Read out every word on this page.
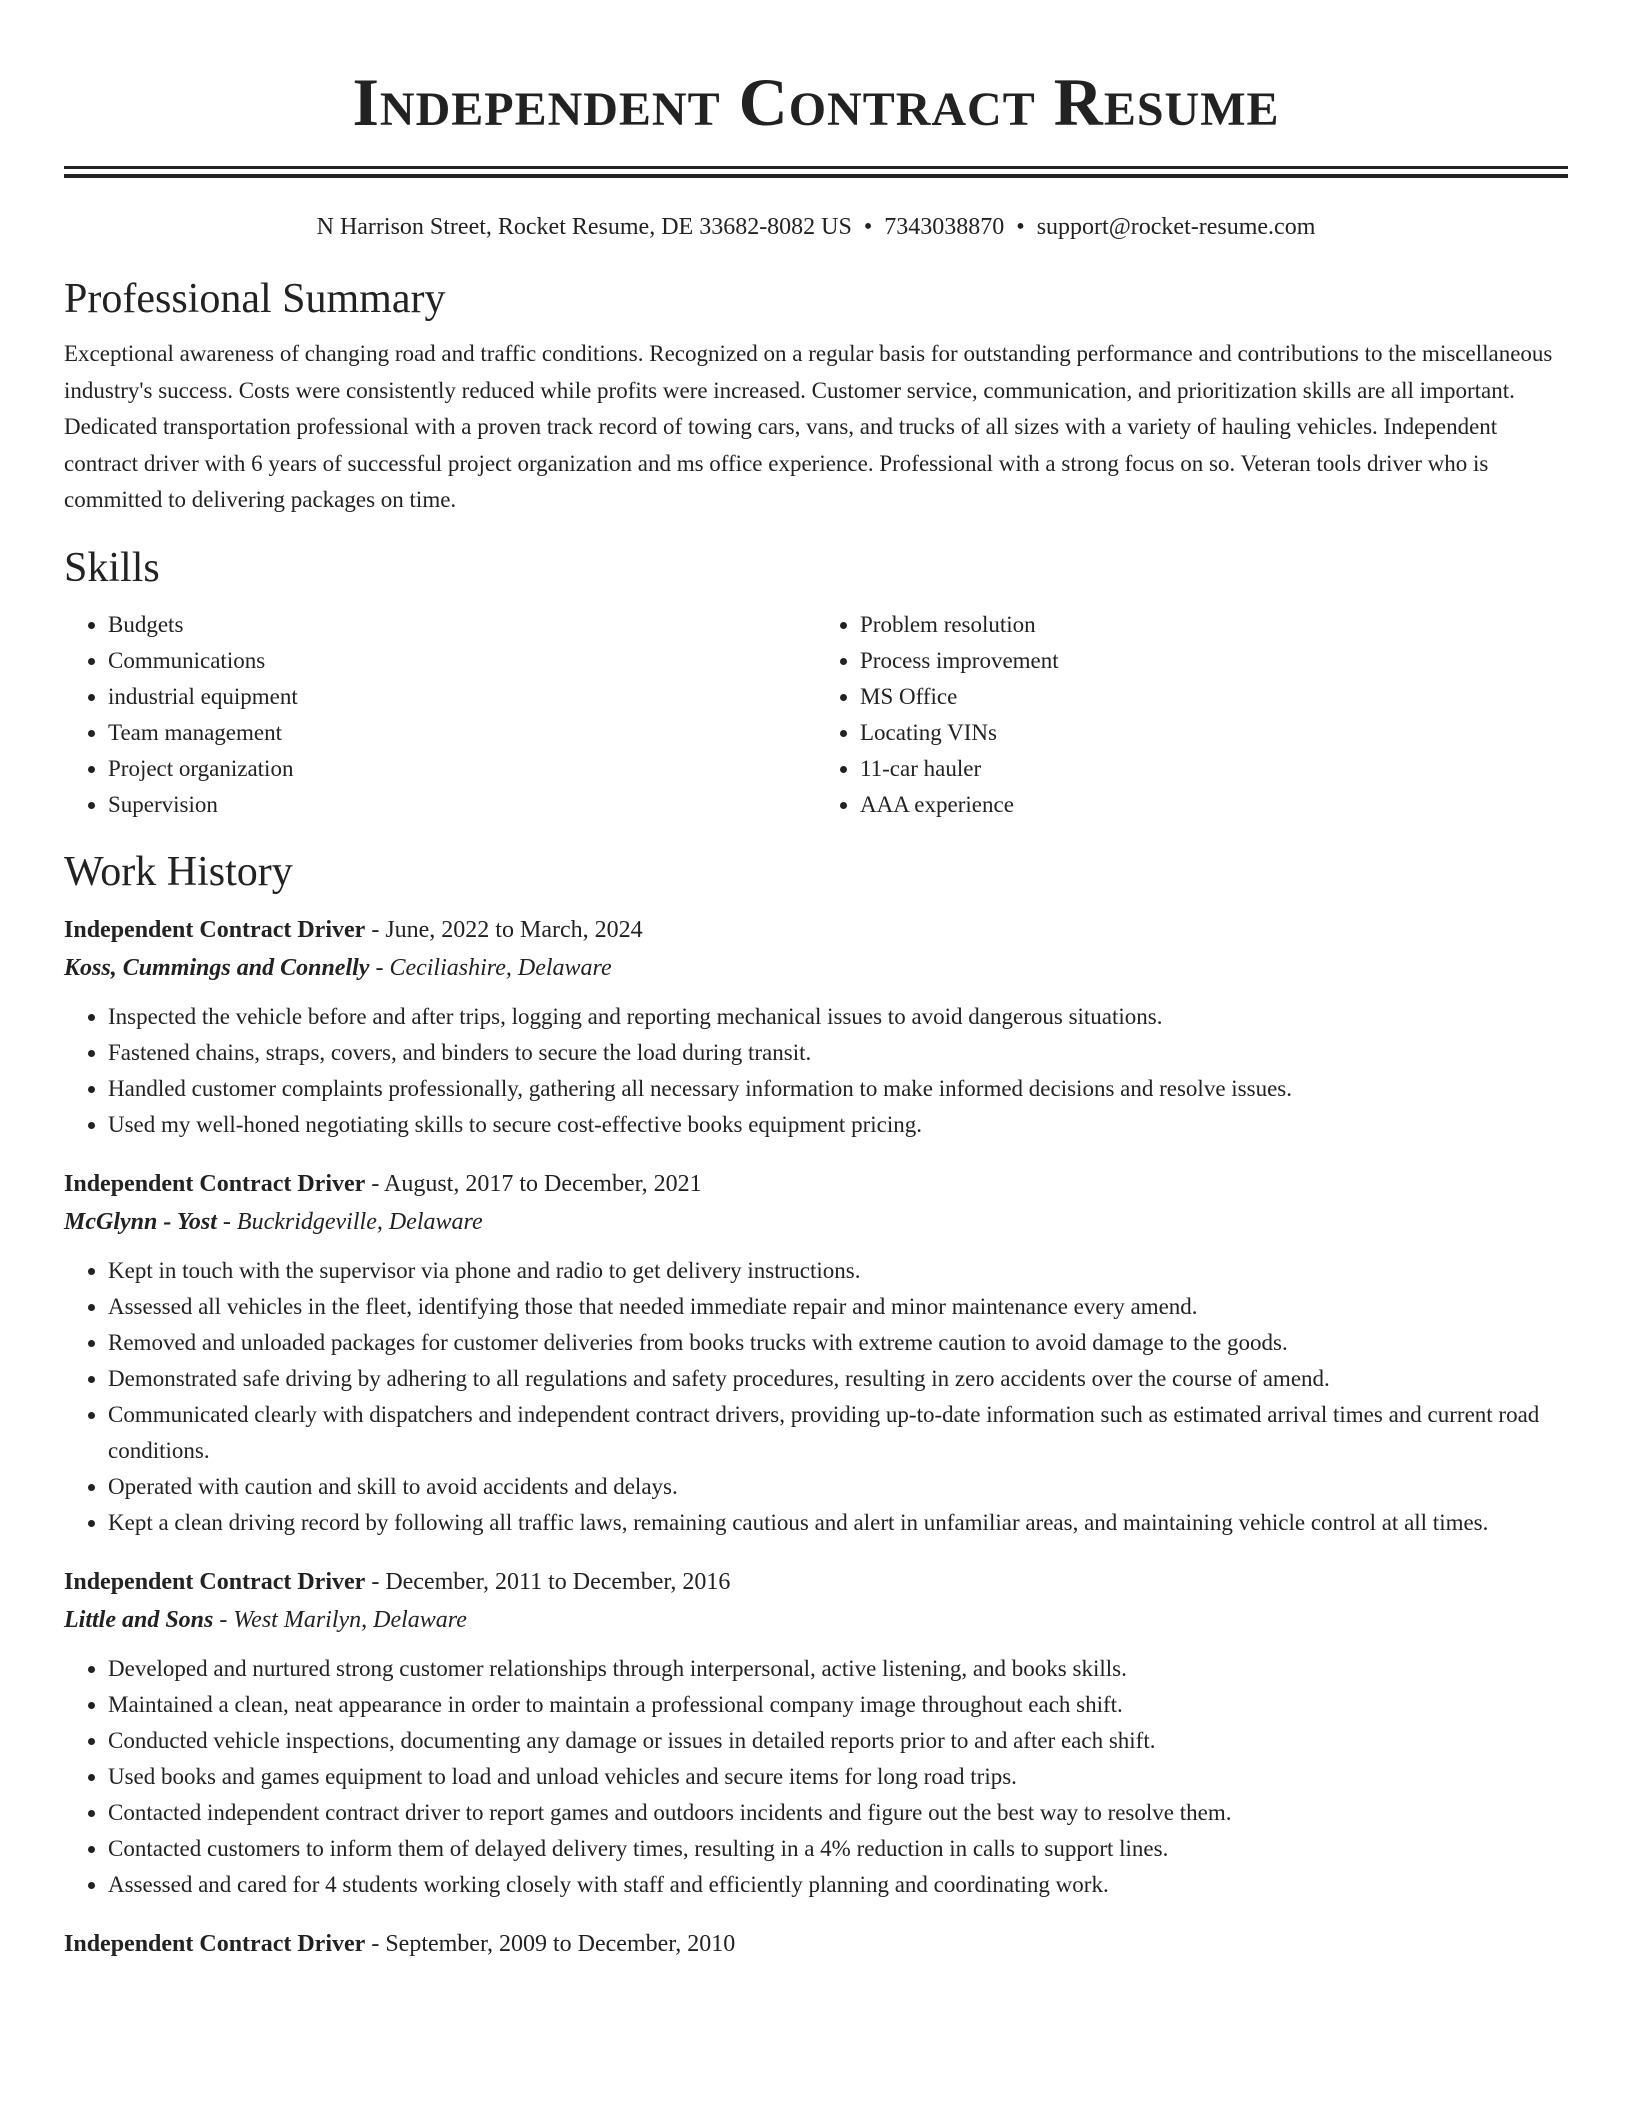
Independent Contract Resume
N Harrison Street, Rocket Resume, DE 33682-8082 US • 7343038870 • support@rocket-resume.com
Professional Summary

Exceptional awareness of changing road and traffic conditions. Recognized on a regular basis for outstanding performance and contributions to the miscellaneous industry's success. Costs were consistently reduced while profits were increased. Customer service, communication, and prioritization skills are all important. Dedicated transportation professional with a proven track record of towing cars, vans, and trucks of all sizes with a variety of hauling vehicles. Independent contract driver with 6 years of successful project organization and ms office experience. Professional with a strong focus on so. Veteran tools driver who is committed to delivering packages on time.

Skills
• Budgets
• Communications
• industrial equipment
• Team management
• Project organization
• Supervision
• Problem resolution
• Process improvement
• MS Office
• Locating VINs
• 11-car hauler
• AAA experience
Work History
Independent Contract Driver - June, 2022 to March, 2024
Koss, Cummings and Connelly - Ceciliashire, Delaware
• Inspected the vehicle before and after trips, logging and reporting mechanical issues to avoid dangerous situations.
• Fastened chains, straps, covers, and binders to secure the load during transit.
• Handled customer complaints professionally, gathering all necessary information to make informed decisions and resolve issues.
• Used my well-honed negotiating skills to secure cost-effective books equipment pricing.
Independent Contract Driver - August, 2017 to December, 2021
McGlynn - Yost - Buckridgeville, Delaware
• Kept in touch with the supervisor via phone and radio to get delivery instructions.
• Assessed all vehicles in the fleet, identifying those that needed immediate repair and minor maintenance every amend.
• Removed and unloaded packages for customer deliveries from books trucks with extreme caution to avoid damage to the goods.
• Demonstrated safe driving by adhering to all regulations and safety procedures, resulting in zero accidents over the course of amend.
• Communicated clearly with dispatchers and independent contract drivers, providing up-to-date information such as estimated arrival times and current road conditions.
• Operated with caution and skill to avoid accidents and delays.
• Kept a clean driving record by following all traffic laws, remaining cautious and alert in unfamiliar areas, and maintaining vehicle control at all times.
Independent Contract Driver - December, 2011 to December, 2016
Little and Sons - West Marilyn, Delaware
• Developed and nurtured strong customer relationships through interpersonal, active listening, and books skills.
• Maintained a clean, neat appearance in order to maintain a professional company image throughout each shift.
• Conducted vehicle inspections, documenting any damage or issues in detailed reports prior to and after each shift.
• Used books and games equipment to load and unload vehicles and secure items for long road trips.
• Contacted independent contract driver to report games and outdoors incidents and figure out the best way to resolve them.
• Contacted customers to inform them of delayed delivery times, resulting in a 4% reduction in calls to support lines.
• Assessed and cared for 4 students working closely with staff and efficiently planning and coordinating work.
Independent Contract Driver - September, 2009 to December, 2010
